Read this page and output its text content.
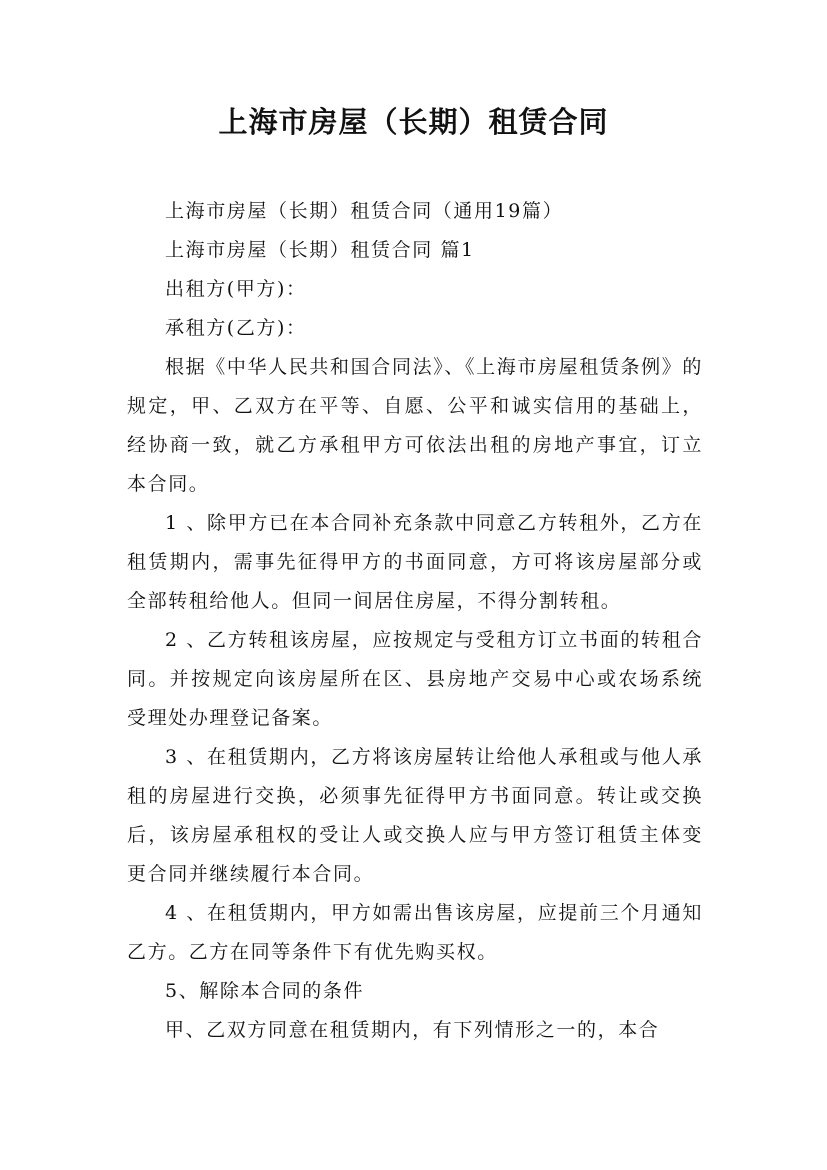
上海市房屋（长期）租赁合同

上海市房屋（长期）租赁合同（通用19篇）

上海市房屋（长期）租赁合同 篇1

出租方(甲方)：

承租方(乙方)：

根据《中华人民共和国合同法》、《上海市房屋租赁条例》的规定，甲、乙双方在平等、自愿、公平和诚实信用的基础上，经协商一致，就乙方承租甲方可依法出租的房地产事宜，订立本合同。

1 、除甲方已在本合同补充条款中同意乙方转租外，乙方在租赁期内，需事先征得甲方的书面同意，方可将该房屋部分或全部转租给他人。但同一间居住房屋，不得分割转租。

2 、乙方转租该房屋，应按规定与受租方订立书面的转租合同。并按规定向该房屋所在区、县房地产交易中心或农场系统受理处办理登记备案。

3 、在租赁期内，乙方将该房屋转让给他人承租或与他人承租的房屋进行交换，必须事先征得甲方书面同意。转让或交换后，该房屋承租权的受让人或交换人应与甲方签订租赁主体变更合同并继续履行本合同。

4 、在租赁期内，甲方如需出售该房屋，应提前三个月通知乙方。乙方在同等条件下有优先购买权。

5、解除本合同的条件

甲、乙双方同意在租赁期内，有下列情形之一的，本合
